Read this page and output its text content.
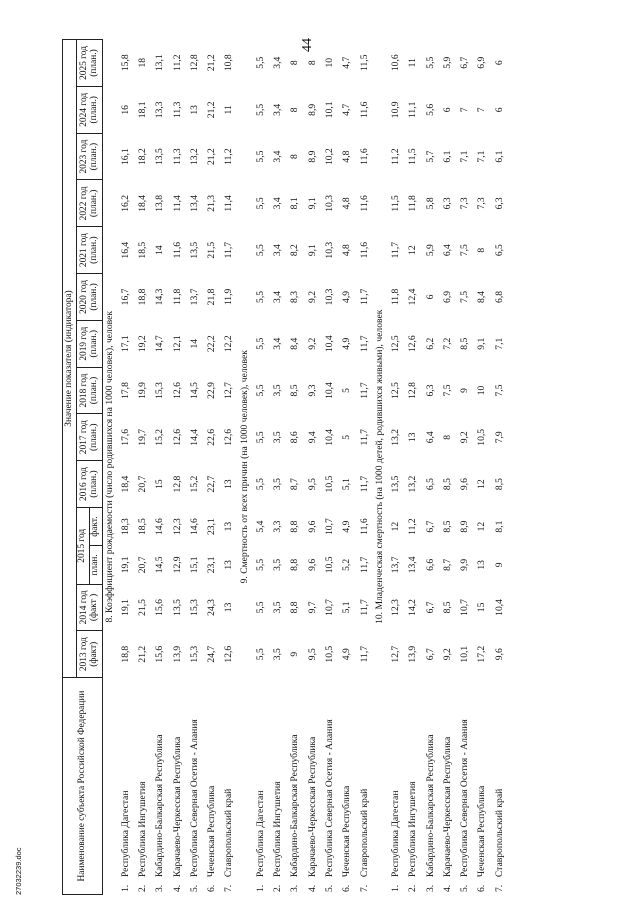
44
Наименование субъекта Российской Федерации		Значение показателя (индикатора)													
		2013 год (факт)	2014 год (факт )	2015 год		2016 год (план.)	2017 год (план.)	2018 год (план.)	2019 год (план.)	2020 год (план.)	2021 год (план.)	2022 год (план.)	2023 год (план.)	2024 год (план.)	2025 год (план.)
				план.	факт.										
8. Коэффициент рождаемости (число родившихся на 1000 человек), человек															
1.	Республика Дагестан	18,8	19,1	19,1	18,3	18,4	17,6	17,8	17,1	16,7	16,4	16,2	16,1	16	15,8
2.	Республика Ингушетия	21,2	21,5	20,7	18,5	20,7	19,7	19,9	19,2	18,8	18,5	18,4	18,2	18,1	18
3.	Кабардино-Балкарская Республика	15,6	15,6	14,5	14,6	15	15,2	15,3	14,7	14,3	14	13,8	13,5	13,3	13,1
4.	Карачаево-Черкесская Республика	13,9	13,5	12,9	12,3	12,8	12,6	12,6	12,1	11,8	11,6	11,4	11,3	11,3	11,2
5.	Республика Северная Осетия - Алания	15,3	15,3	15,1	14,6	15,2	14,4	14,5	14	13,7	13,5	13,4	13,2	13	12,8
6.	Чеченская Республика	24,7	24,3	23,1	23,1	22,7	22,6	22,9	22,2	21,8	21,5	21,3	21,2	21,2	21,2
7.	Ставропольский край	12,6	13	13	13	13	12,6	12,7	12,2	11,9	11,7	11,4	11,2	11	10,8
9. Смертность от всех причин (на 1000 человек), человек															
1.	Республика Дагестан	5,5	5,5	5,5	5,4	5,5	5,5	5,5	5,5	5,5	5,5	5,5	5,5	5,5	5,5
2.	Республика Ингушетия	3,5	3,5	3,5	3,3	3,5	3,5	3,5	3,4	3,4	3,4	3,4	3,4	3,4	3,4
3.	Кабардино-Балкарская Республика	9	8,8	8,8	8,8	8,7	8,6	8,5	8,4	8,3	8,2	8,1	8	8	8
4.	Карачаево-Черкесская Республика	9,5	9,7	9,6	9,6	9,5	9,4	9,3	9,2	9,2	9,1	9,1	8,9	8,9	8
5.	Республика Северная Осетия - Алания	10,5	10,7	10,5	10,7	10,5	10,4	10,4	10,4	10,3	10,3	10,3	10,2	10,1	10
6.	Чеченская Республика	4,9	5,1	5,2	4,9	5,1	5	5	4,9	4,9	4,8	4,8	4,8	4,7	4,7
7.	Ставропольский край	11,7	11,7	11,7	11,6	11,7	11,7	11,7	11,7	11,7	11,6	11,6	11,6	11,6	11,5
10. Младенческая смертность (на 1000 детей, родившихся живыми), человек															
1.	Республика Дагестан	12,7	12,3	13,7	12	13,5	13,2	12,5	12,5	11,8	11,7	11,5	11,2	10,9	10,6
2.	Республика Ингушетия	13,9	14,2	13,4	11,2	13,2	13	12,8	12,6	12,4	12	11,8	11,5	11,1	11
3.	Кабардино-Балкарская Республика	6,7	6,7	6,6	6,7	6,5	6,4	6,3	6,2	6	5,9	5,8	5,7	5,6	5,5
4.	Карачаево-Черкесская Республика	9,2	8,5	8,7	8,5	8,5	8	7,5	7,2	6,9	6,4	6,3	6,1	6	5,9
5.	Республика Северная Осетия - Алания	10,1	10,7	9,9	8,9	9,6	9,2	9	8,5	7,5	7,5	7,3	7,1	7	6,7
6.	Чеченская Республика	17,2	15	13	12	12	10,5	10	9,1	8,4	8	7,3	7,1	7	6,9
7.	Ставропольский край	9,6	10,4	9	8,1	8,5	7,9	7,5	7,1	6,8	6,5	6,3	6,1	6	6
27032239.doc
